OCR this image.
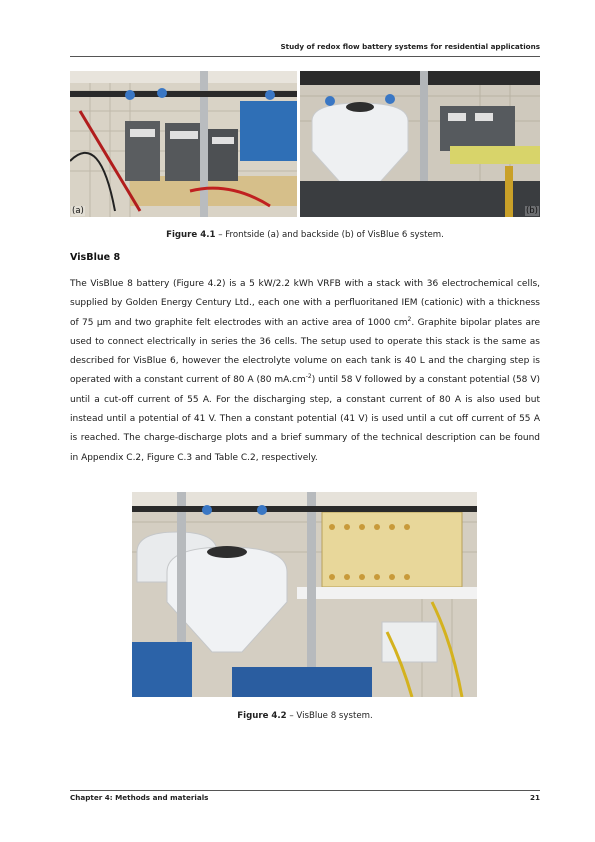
Study of redox flow battery systems for residential applications
(a)	(b)
Figure 4.1 – Frontside (a) and backside (b) of VisBlue 6 system.
VisBlue 8
The VisBlue 8 battery (Figure 4.2) is a 5 kW/2.2 kWh VRFB with a stack with 36 electrochemical cells, supplied by Golden Energy Century Ltd., each one with a perfluoritaned IEM (cationic) with a thickness of 75 μm and two graphite felt electrodes with an active area of 1000 $cm^2$. Graphite bipolar plates are used to connect electrically in series the 36 cells. The setup used to operate this stack is the same as described for VisBlue 6, however the electrolyte volume on each tank is 40 L and the charging step is operated with a constant current of 80 A (80 $mA.cm^{-2}$) until 58 V followed by a constant potential (58 V) until a cut-off current of 55 A. For the discharging step, a constant current of 80 A is also used but instead until a potential of 41 V. Then a constant potential (41 V) is used until a cut off current of 55 A is reached. The charge-discharge plots and a brief summary of the technical description can be found in Appendix C.2, Figure C.3 and Table C.2, respectively.
Figure 4.2 – VisBlue 8 system.
Chapter 4: Methods and materials	21
